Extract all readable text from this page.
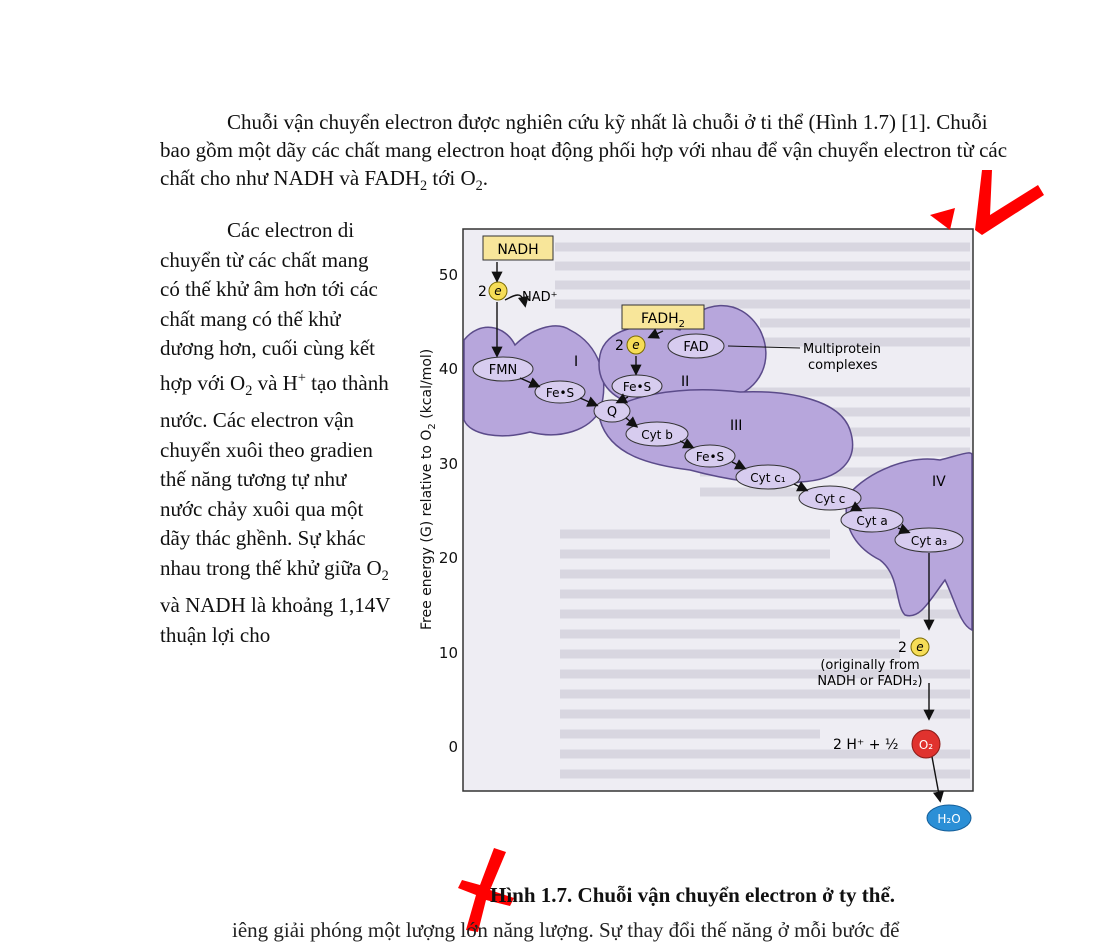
Chuỗi vận chuyển electron được nghiên cứu kỹ nhất là chuỗi ở ti thể (Hình 1.7) [1]. Chuỗi bao gồm một dãy các chất mang electron hoạt động phối hợp với nhau để vận chuyển electron từ các chất cho như NADH và $FADH_2$ tới $O_2$.

Các electron di chuyển từ các chất mang có thế khử âm hơn tới các chất mang có thế khử dương hơn, cuối cùng kết hợp với $O_2$ và H+ tạo thành nước. Các electron vận chuyển xuôi theo gradien thế năng tương tự như nước chảy xuôi qua một dãy thác ghềnh. Sự khác nhau trong thế khử giữa $O_2$ và NADH là khoảng 1,14V thuận lợi cho

Free energy (G) relative to $O_2$ (kcal/mol)
50
40
30
20
10
0
NADH
$FADH_2$
2 e NAD⁺
2 e	FAD	Multiprotein complexes
FMN
I
Fe•S	Fe•S II
Q
III
Cyt b
Fe•S
Cyt c₁
Cyt c
IV
Cyt a
Cyt a₃
2 e
(originally from NADH or FADH₂)
2 H⁺ + ½ O₂
H₂O

Hình 1.7. Chuỗi vận chuyển electron ở ty thể.

iêng giải phóng một lượng lớn năng lượng. Sự thay đổi thế năng ở mỗi bước để
